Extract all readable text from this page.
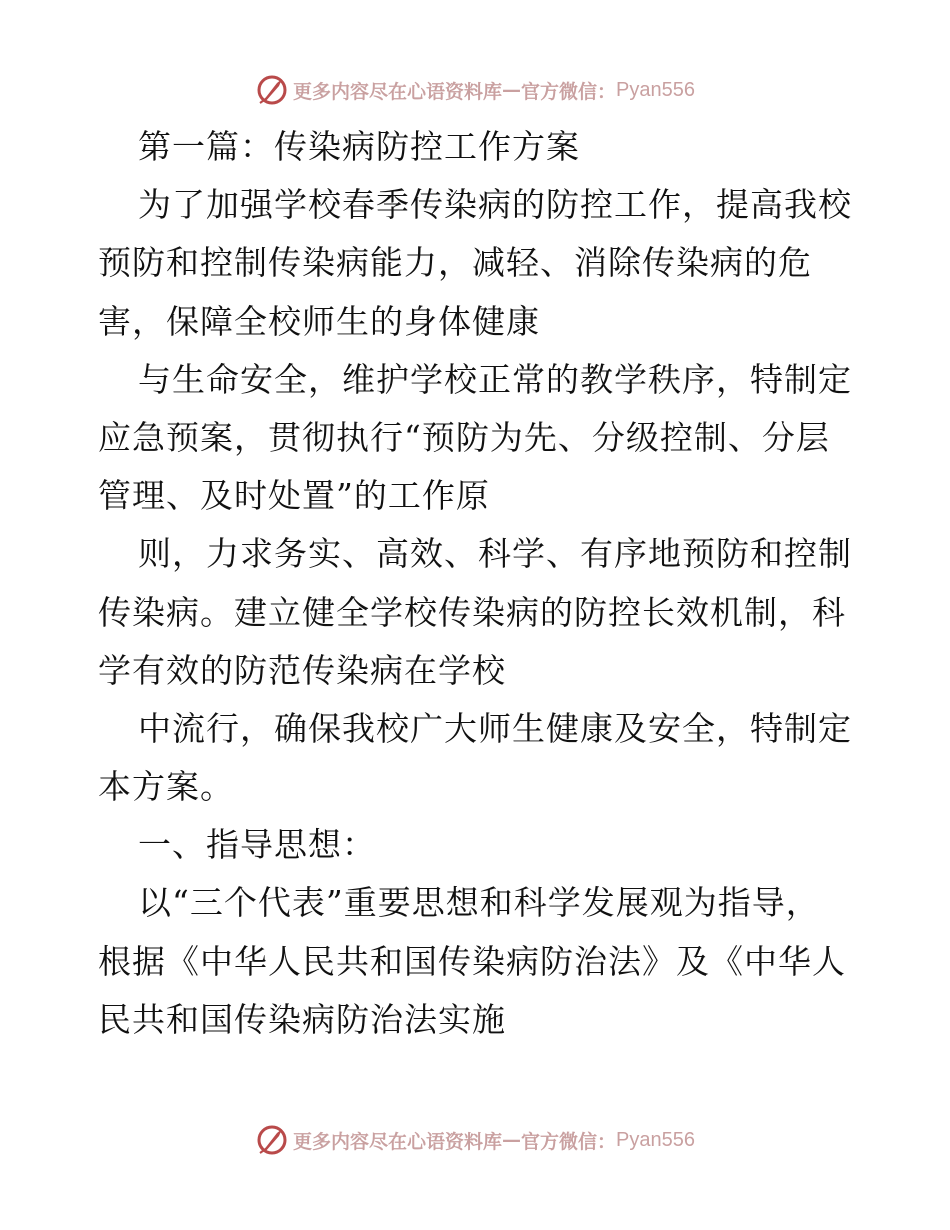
更多内容尽在心语资料库 — 官方微信： Pyan556
第一篇：传染病防控工作方案
为了加强学校春季传染病的防控工作，提高我校
预防和控制传染病能力，减轻、消除传染病的危
害，保障全校师生的身体健康
与生命安全，维护学校正常的教学秩序，特制定
应急预案，贯彻执行“预防为先、分级控制、分层
管理、及时处置”的工作原
则，力求务实、高效、科学、有序地预防和控制
传染病。建立健全学校传染病的防控长效机制，科
学有效的防范传染病在学校
中流行，确保我校广大师生健康及安全，特制定
本方案。
一、指导思想：
以“三个代表”重要思想和科学发展观为指导，
根据《中华人民共和国传染病防治法》及《中华人
民共和国传染病防治法实施
更多内容尽在心语资料库 — 官方微信： Pyan556
